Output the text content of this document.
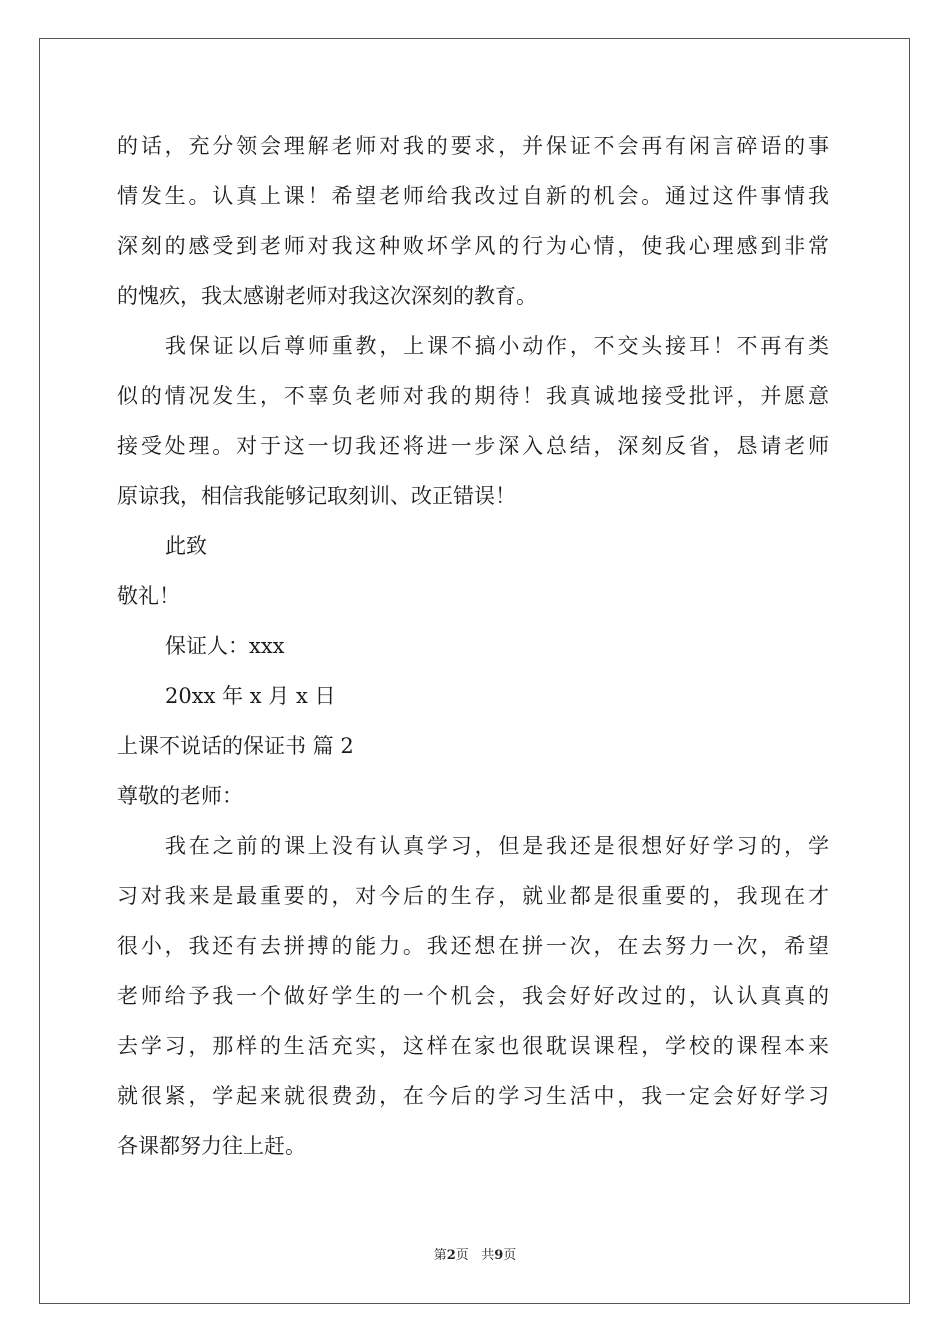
的话，充分领会理解老师对我的要求，并保证不会再有闲言碎语的事
情发生。认真上课！希望老师给我改过自新的机会。通过这件事情我
深刻的感受到老师对我这种败坏学风的行为心情，使我心理感到非常
的愧疚，我太感谢老师对我这次深刻的教育。
我保证以后尊师重教，上课不搞小动作，不交头接耳！不再有类
似的情况发生，不辜负老师对我的期待！我真诚地接受批评，并愿意
接受处理。对于这一切我还将进一步深入总结，深刻反省，恳请老师
原谅我，相信我能够记取刻训、改正错误！
此致
敬礼！
保证人：xxx
20xx 年 x 月 x 日
上课不说话的保证书 篇 2
尊敬的老师：
我在之前的课上没有认真学习，但是我还是很想好好学习的，学
习对我来是最重要的，对今后的生存，就业都是很重要的，我现在才
很小，我还有去拼搏的能力。我还想在拼一次，在去努力一次，希望
老师给予我一个做好学生的一个机会，我会好好改过的，认认真真的
去学习，那样的生活充实，这样在家也很耽误课程，学校的课程本来
就很紧，学起来就很费劲，在今后的学习生活中，我一定会好好学习
各课都努力往上赶。
第2页 共9页
